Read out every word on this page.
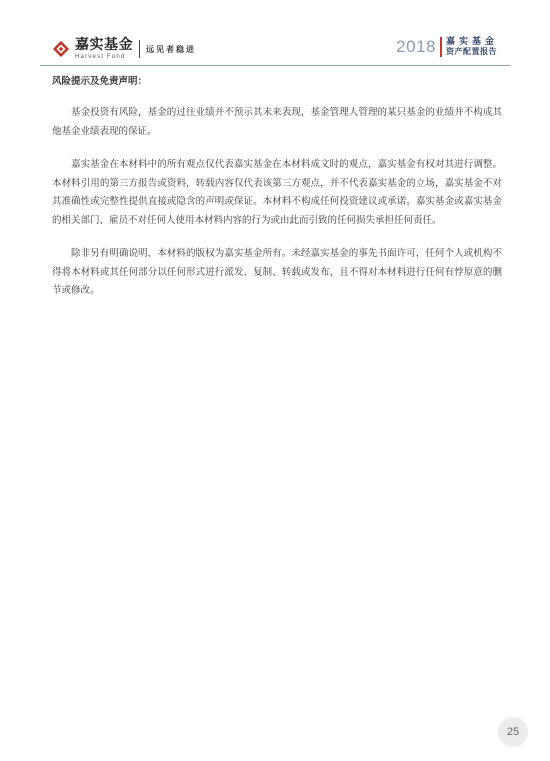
嘉实基金
Harvest Fund
远见者稳进	2018 嘉实基金
资产配置报告

风险提示及免责声明：

基金投资有风险，基金的过往业绩并不预示其未来表现，基金管理人管理的某只基金的业绩并不构成其他基金业绩表现的保证。

嘉实基金在本材料中的所有观点仅代表嘉实基金在本材料成文时的观点，嘉实基金有权对其进行调整。本材料引用的第三方报告或资料，转载内容仅代表该第三方观点，并不代表嘉实基金的立场，嘉实基金不对其准确性或完整性提供直接或隐含的声明或保证。本材料不构成任何投资建议或承诺。嘉实基金或嘉实基金的相关部门、雇员不对任何人使用本材料内容的行为或由此而引致的任何损失承担任何责任。

除非另有明确说明，本材料的版权为嘉实基金所有。未经嘉实基金的事先书面许可，任何个人或机构不得将本材料或其任何部分以任何形式进行派发、复制、转载或发布，且不得对本材料进行任何有悖原意的删节或修改。

25
